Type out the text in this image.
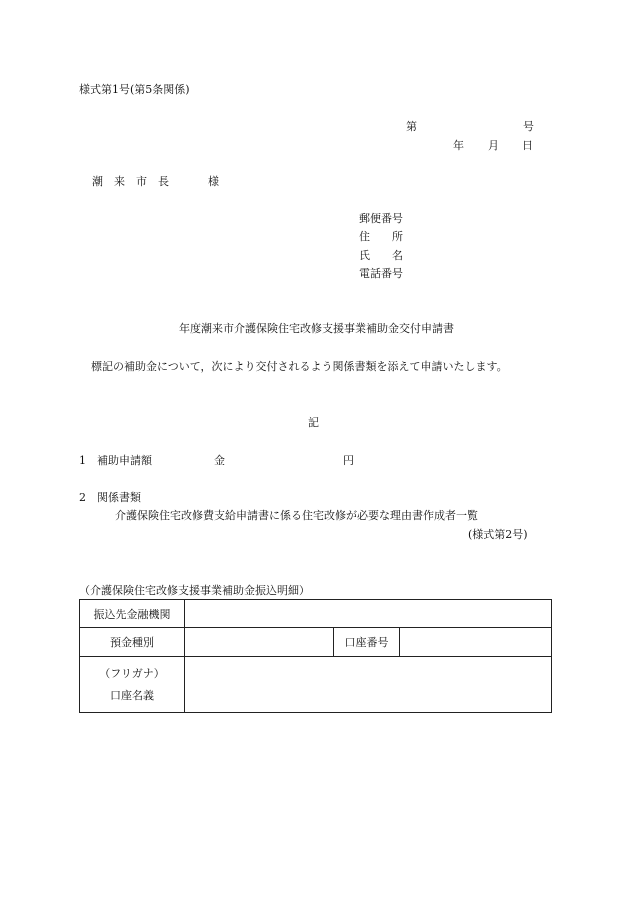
様式第1号(第5条関係)
第	号
年 月 日
潮　来　市　長	様
郵便番号
住　　所
氏　　名
電話番号
年度潮来市介護保険住宅改修支援事業補助金交付申請書
標記の補助金について，次により交付されるよう関係書類を添えて申請いたします。
記
1 補助申請額	金	円
2 関係書類
介護保険住宅改修費支給申請書に係る住宅改修が必要な理由書作成者一覧
(様式第2号)
（介護保険住宅改修支援事業補助金振込明細）
振込先金融機関			
預金種別		口座番号	

（フリガナ）
口座名義			
